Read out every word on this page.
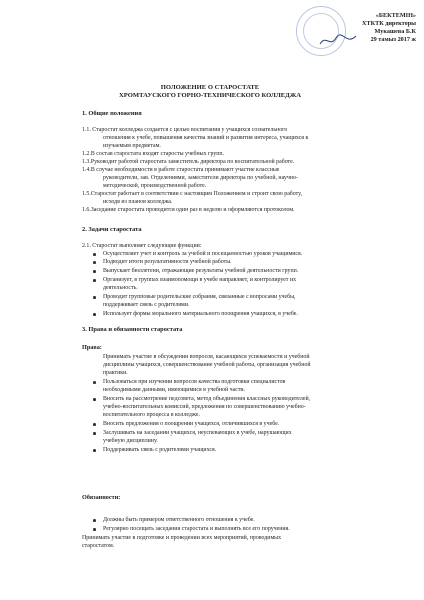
«БЕКТЕМІН»
ХТКТК директоры
Мукашева Б.К
29 тамыз 2017 ж
ПОЛОЖЕНИЕ О СТАРОСТАТЕ
ХРОМТАУСКОГО ГОРНО-ТЕХНИЧЕСКОГО КОЛЛЕДЖА
1. Общие положения
1.1. Старостат колледжа создается с целью воспитания у учащихся сознательного
отношения к учебе, повышения качества знаний и развития интереса, учащихся к
изучаемым предметам.
1.2.В состав старостата входят старосты учебных групп.
1.3.Руководит работой старостата заместитель директора по воспитательной работе.
1.4.В случае необходимости в работе старостата принимают участие классные
руководители, зав. Отделениями, заместители директора по учебной, научно-
методической, производственной работе.
1.5.Старостат работает в соответствии с настоящим Положением и строит свою работу,
исходя из планов колледжа.
1.6.Заседание старостата проводится один раз в неделю и оформляются протоколом.
2. Задачи старостата
2.1. Старостат выполняет следующие функции:
Осуществляет учет и контроль за учебой и посещаемостью уроков учащимися.
Подводит итоги результативности учебной работы.
Выпускает бюллетени, отражающие результаты учебной деятельности групп.
Организует, в группах взаимопомощи в учебе направляет, и контролирует их
деятельность.
Проводит групповые родительские собрания, связанные с вопросами учебы,
поддерживает связь с родителями.
Использует формы морального материального поощрения учащихся, в учебе.
3. Права и обязанности старостата
Права:
Принимать участие в обсуждении вопросов, касающихся успеваемости и учебной
дисциплины учащихся, совершенствование учебной работы, организация учебной
практики.
Пользоваться при изучении вопросов качества подготовки специалистов
необходимыми данными, имеющимися в учебной части.
Вносить на рассмотрение педсовета, метод объединения классных руководителей,
учебно-воспитательных комиссий, предложения по совершенствованию учебно-
воспитательного процесса в колледже.
Вносить предложения о поощрении учащихся, отличившихся в учебе.
Заслушивать на заседании учащихся, неуспевающих в учебе, нарушающих
учебную дисциплину.
Поддерживать связь с родителями учащихся.
Обязанности:
Должны быть примером ответственного отношения к учебе.
Регулярно посещать заседания старостата и выполнять все его поручения.
Принимать участие в подготовке и проведении всех мероприятий, проводимых
старостатом.
